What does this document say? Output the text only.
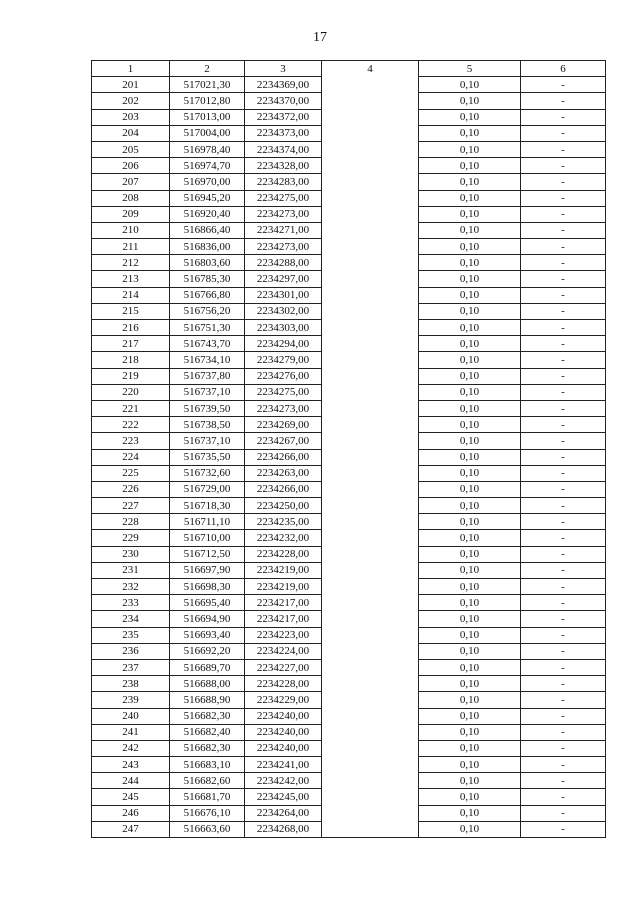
17
1	2	3	4	5	6
201	517021,30	2234369,00		0,10	-
202	517012,80	2234370,00		0,10	-
203	517013,00	2234372,00		0,10	-
204	517004,00	2234373,00		0,10	-
205	516978,40	2234374,00		0,10	-
206	516974,70	2234328,00		0,10	-
207	516970,00	2234283,00		0,10	-
208	516945,20	2234275,00		0,10	-
209	516920,40	2234273,00		0,10	-
210	516866,40	2234271,00		0,10	-
211	516836,00	2234273,00		0,10	-
212	516803,60	2234288,00		0,10	-
213	516785,30	2234297,00		0,10	-
214	516766,80	2234301,00		0,10	-
215	516756,20	2234302,00		0,10	-
216	516751,30	2234303,00		0,10	-
217	516743,70	2234294,00		0,10	-
218	516734,10	2234279,00		0,10	-
219	516737,80	2234276,00		0,10	-
220	516737,10	2234275,00		0,10	-
221	516739,50	2234273,00		0,10	-
222	516738,50	2234269,00		0,10	-
223	516737,10	2234267,00		0,10	-
224	516735,50	2234266,00		0,10	-
225	516732,60	2234263,00		0,10	-
226	516729,00	2234266,00		0,10	-
227	516718,30	2234250,00		0,10	-
228	516711,10	2234235,00		0,10	-
229	516710,00	2234232,00		0,10	-
230	516712,50	2234228,00		0,10	-
231	516697,90	2234219,00		0,10	-
232	516698,30	2234219,00		0,10	-
233	516695,40	2234217,00		0,10	-
234	516694,90	2234217,00		0,10	-
235	516693,40	2234223,00		0,10	-
236	516692,20	2234224,00		0,10	-
237	516689,70	2234227,00		0,10	-
238	516688,00	2234228,00		0,10	-
239	516688,90	2234229,00		0,10	-
240	516682,30	2234240,00		0,10	-
241	516682,40	2234240,00		0,10	-
242	516682,30	2234240,00		0,10	-
243	516683,10	2234241,00		0,10	-
244	516682,60	2234242,00		0,10	-
245	516681,70	2234245,00		0,10	-
246	516676,10	2234264,00		0,10	-
247	516663,60	2234268,00		0,10	-
